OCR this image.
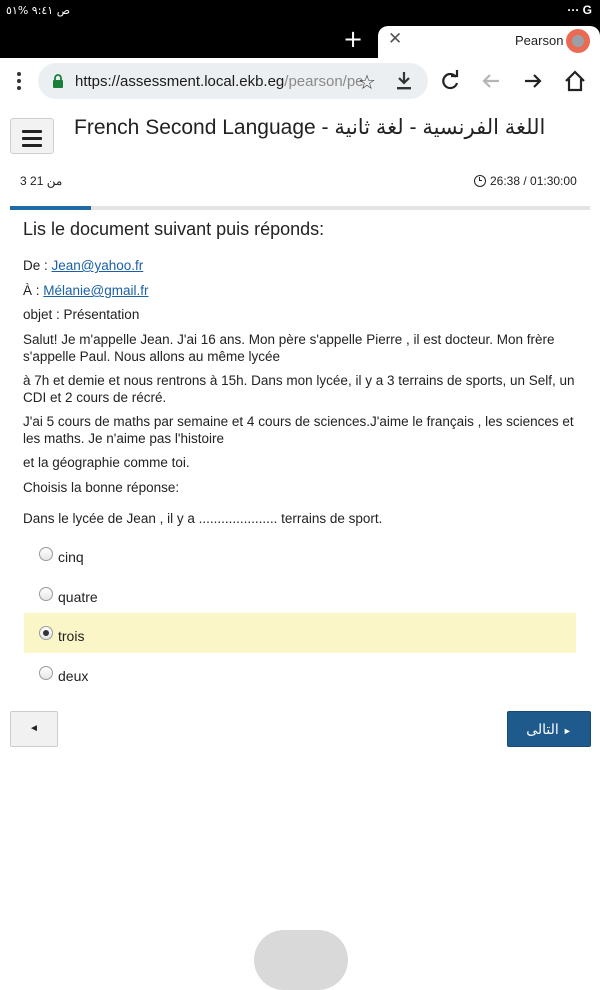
ص ٩:٤١ %٥١	··· G
+ ✕	Pearson
https://assessment.local.ekb.eg/pearson/pe
☆
French Second Language - اللغة الفرنسية - لغة ثانية
3 من 21	26:38 / 01:30:00
Lis le document suivant puis réponds:
De : Jean@yahoo.fr
À : Mélanie@gmail.fr
objet : Présentation
Salut! Je m'appelle Jean. J'ai 16 ans. Mon père s'appelle Pierre , il est docteur. Mon frère s'appelle Paul. Nous allons au même lycée
à 7h et demie et nous rentrons à 15h. Dans mon lycée, il y a 3 terrains de sports, un Self, un CDI et 2 cours de récré.
J'ai 5 cours de maths par semaine et 4 cours de sciences.J'aime le français , les sciences et les maths. Je n'aime pas l'histoire
et la géographie comme toi.
Choisis la bonne réponse:
Dans le lycée de Jean , il y a ..................... terrains de sport.
cinq
quatre
trois
deux
◄	التالى ►
